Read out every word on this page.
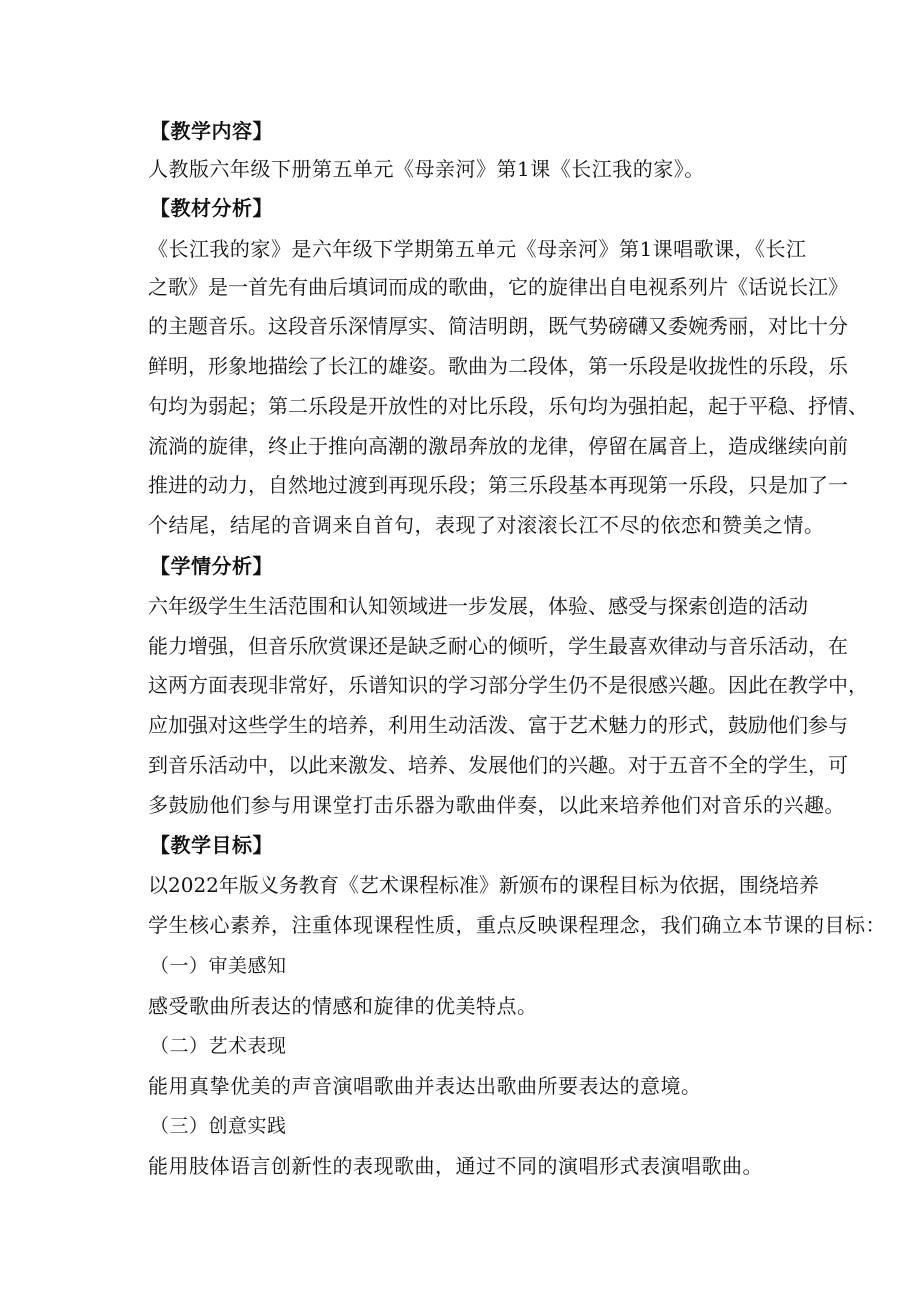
【教学内容】
人教版六年级下册第五单元《母亲河》第1课《长江我的家》。
【教材分析】
《长江我的家》是六年级下学期第五单元《母亲河》第1课唱歌课，《长江
之歌》是一首先有曲后填词而成的歌曲，它的旋律出自电视系列片《话说长江》
的主题音乐。这段音乐深情厚实、简洁明朗，既气势磅礴又委婉秀丽，对比十分
鲜明，形象地描绘了长江的雄姿。歌曲为二段体，第一乐段是收拢性的乐段，乐
句均为弱起；第二乐段是开放性的对比乐段，乐句均为强拍起，起于平稳、抒情、
流淌的旋律，终止于推向高潮的激昂奔放的龙律，停留在属音上，造成继续向前
推进的动力，自然地过渡到再现乐段；第三乐段基本再现第一乐段，只是加了一
个结尾，结尾的音调来自首句，表现了对滚滚长江不尽的依恋和赞美之情。
【学情分析】
六年级学生生活范围和认知领域进一步发展，体验、感受与探索创造的活动
能力增强，但音乐欣赏课还是缺乏耐心的倾听，学生最喜欢律动与音乐活动，在
这两方面表现非常好，乐谱知识的学习部分学生仍不是很感兴趣。因此在教学中，
应加强对这些学生的培养，利用生动活泼、富于艺术魅力的形式，鼓励他们参与
到音乐活动中，以此来激发、培养、发展他们的兴趣。对于五音不全的学生，可
多鼓励他们参与用课堂打击乐器为歌曲伴奏，以此来培养他们对音乐的兴趣。
【教学目标】
以2022年版义务教育《艺术课程标准》新颁布的课程目标为依据，围绕培养
学生核心素养，注重体现课程性质，重点反映课程理念，我们确立本节课的目标：
（一）审美感知
感受歌曲所表达的情感和旋律的优美特点。
（二）艺术表现
能用真挚优美的声音演唱歌曲并表达出歌曲所要表达的意境。
（三）创意实践
能用肢体语言创新性的表现歌曲，通过不同的演唱形式表演唱歌曲。
